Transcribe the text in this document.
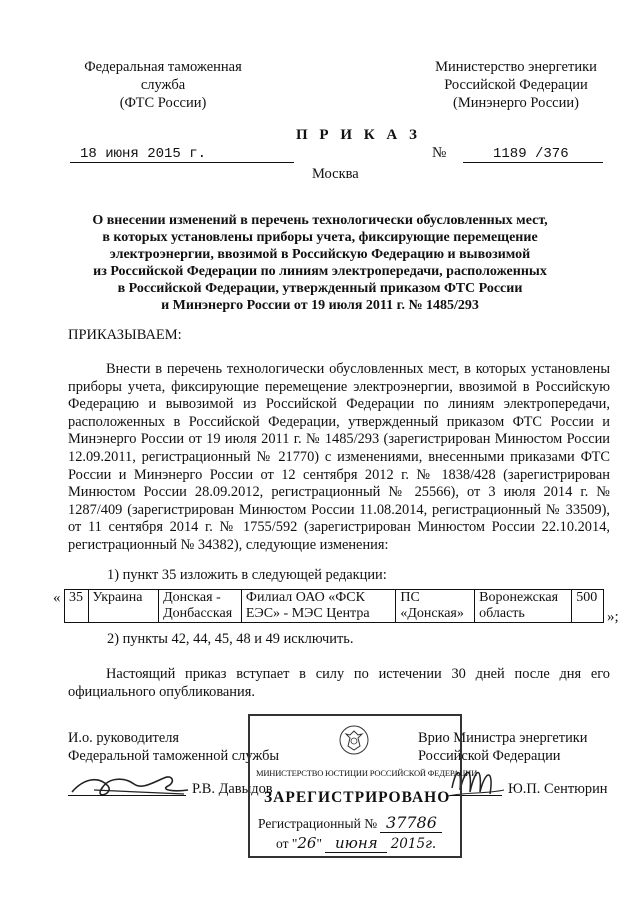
Федеральная таможенная
служба
(ФТС России)
Министерство энергетики
Российской Федерации
(Минэнерго России)
П Р И К А З
18 июня 2015 г.	№	1189 /376
Москва
О внесении изменений в перечень технологически обусловленных мест,
в которых установлены приборы учета, фиксирующие перемещение
электроэнергии, ввозимой в Российскую Федерацию и вывозимой
из Российской Федерации по линиям электропередачи, расположенных
в Российской Федерации, утвержденный приказом ФТС России
и Минэнерго России от 19 июля 2011 г. № 1485/293
ПРИКАЗЫВАЕМ:
Внести в перечень технологически обусловленных мест, в которых установлены приборы учета, фиксирующие перемещение электроэнергии, ввозимой в Российскую Федерацию и вывозимой из Российской Федерации по линиям электропередачи, расположенных в Российской Федерации, утвержденный приказом ФТС России и Минэнерго России от 19 июля 2011 г. № 1485/293 (зарегистрирован Минюстом России 12.09.2011, регистрационный № 21770) с изменениями, внесенными приказами ФТС России и Минэнерго России от 12 сентября 2012 г. № 1838/428 (зарегистрирован Минюстом России 28.09.2012, регистрационный № 25566), от 3 июля 2014 г. № 1287/409 (зарегистрирован Минюстом России 11.08.2014, регистрационный № 33509), от 11 сентября 2014 г. № 1755/592 (зарегистрирован Минюстом России 22.10.2014, регистрационный № 34382), следующие изменения:
1) пункт 35 изложить в следующей редакции:
« 35	Украина	Донская - Донбасская	Филиал ОАО «ФСК ЕЭС» - МЭС Центра	ПС «Донская»	Воронежская область	500
»;
2) пункты 42, 44, 45, 48 и 49 исключить.
Настоящий приказ вступает в силу по истечении 30 дней после дня его официального опубликования.
И.о. руководителя
Федеральной таможенной службы
Врио Министра энергетики
Российской Федерации
Р.В. Давыдов	Ю.П. Сентюрин
МИНИСТЕРСТВО ЮСТИЦИИ РОССИЙСКОЙ ФЕДЕРАЦИИ
ЗАРЕГИСТРИРОВАНО
Регистрационный № 37786
от "26" июня 2015г.
